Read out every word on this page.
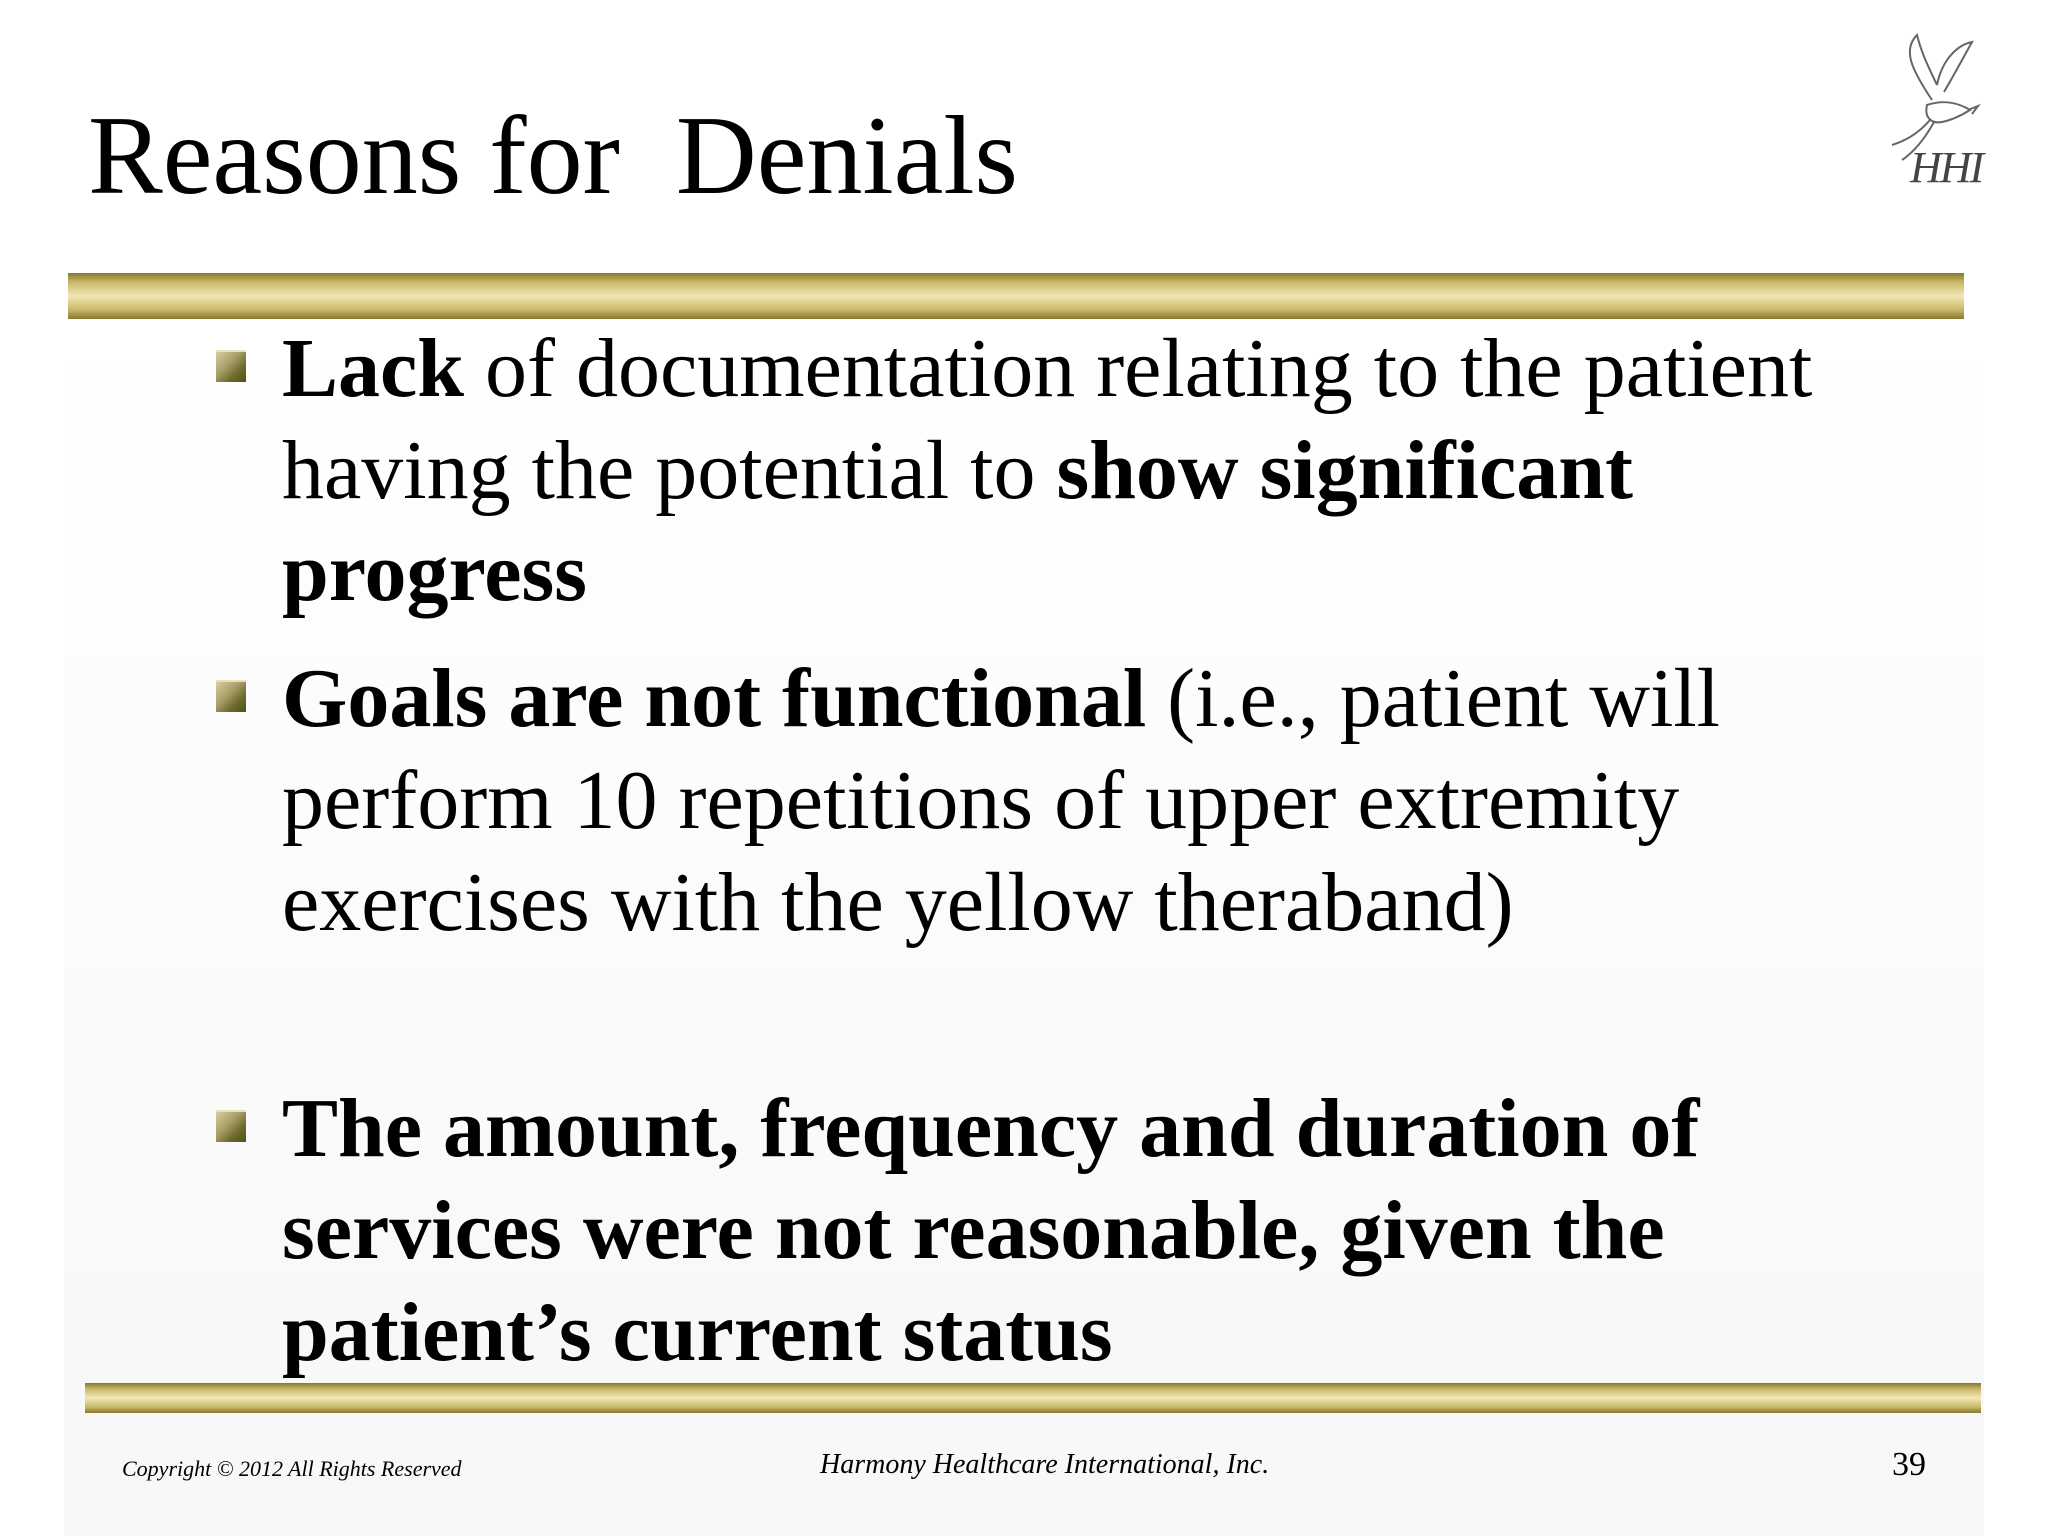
Reasons for  Denials	HHI
Lack of documentation relating to the patient having the potential to show significant progress
Goals are not functional (i.e., patient will perform 10 repetitions of upper extremity exercises with the yellow theraband)
The amount, frequency and duration of services were not reasonable, given the patient’s current status
Copyright © 2012 All Rights Reserved	Harmony Healthcare International, Inc.	39
